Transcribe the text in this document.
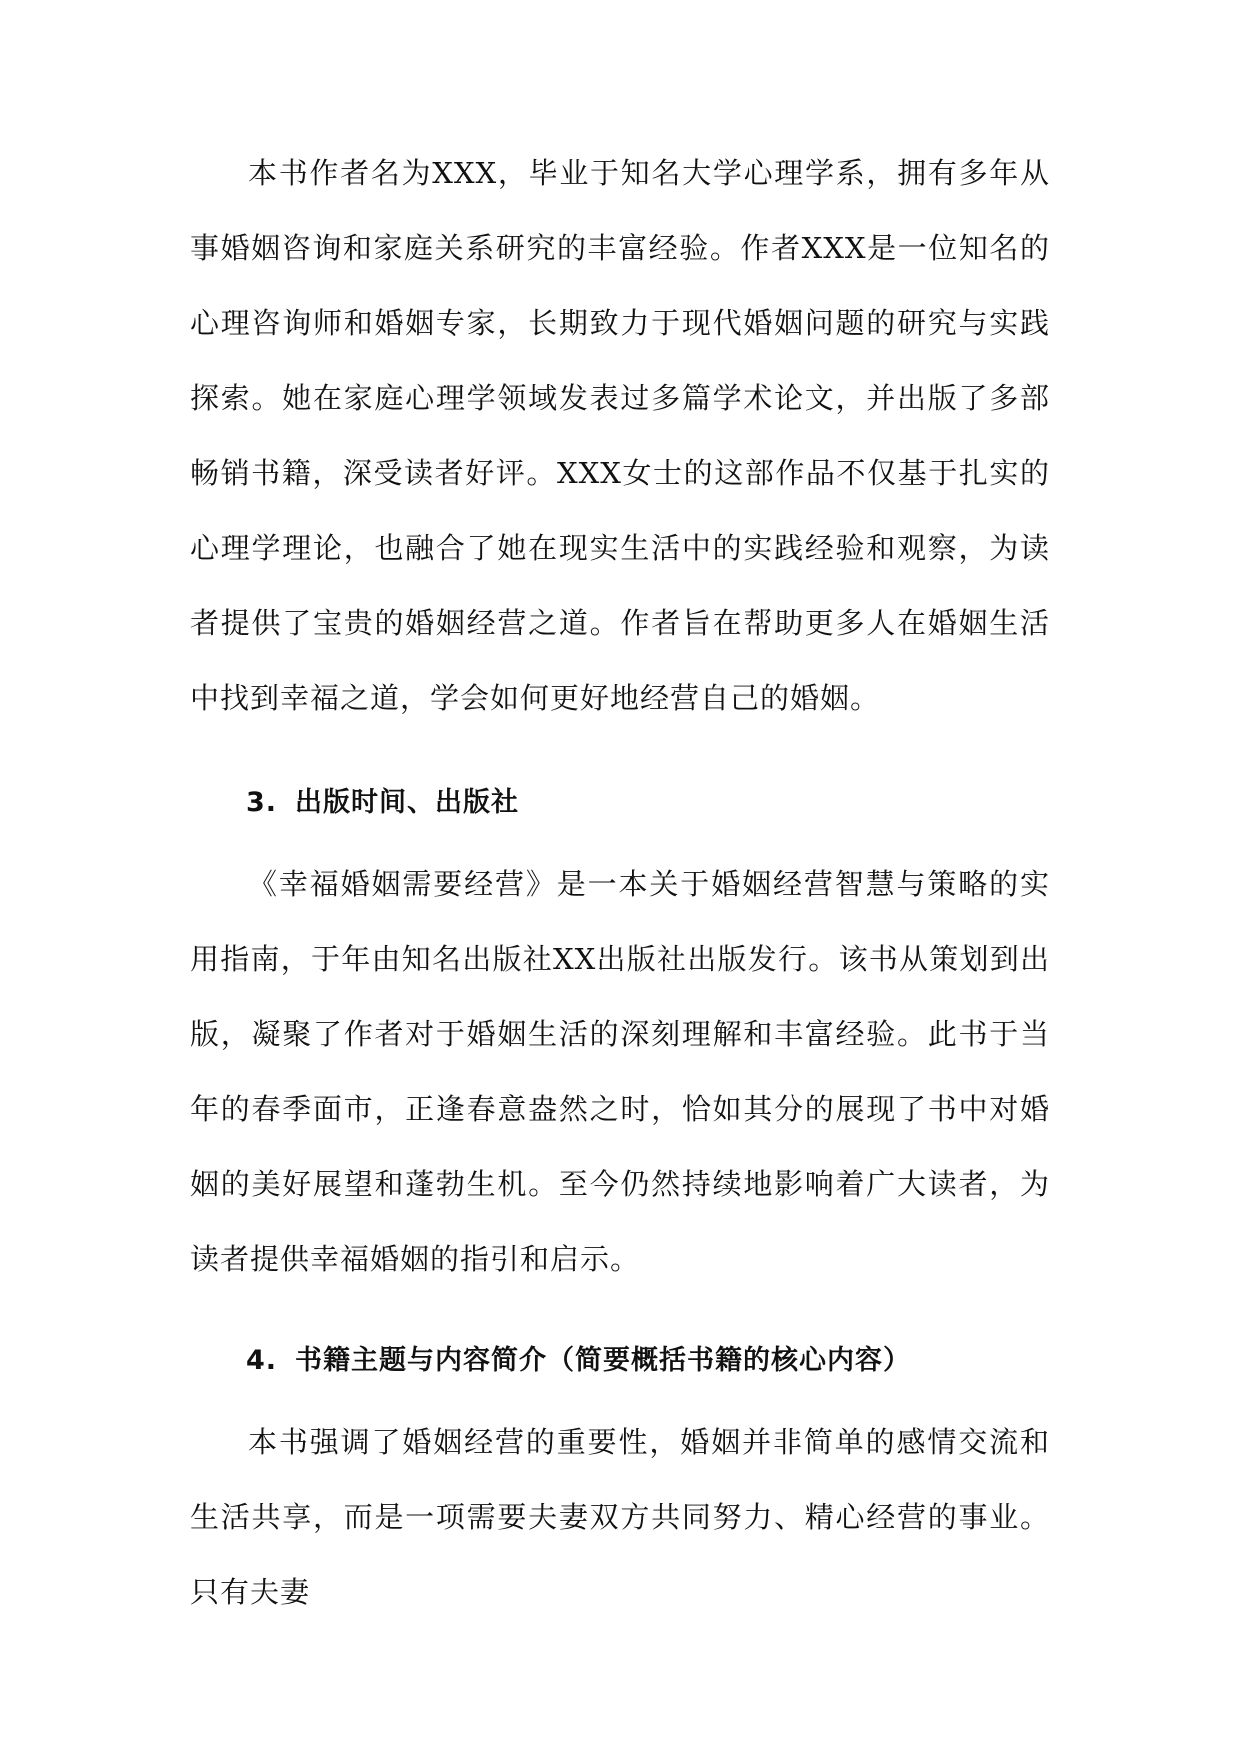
本书作者名为XXX，毕业于知名大学心理学系，拥有多年从事婚姻咨询和家庭关系研究的丰富经验。作者XXX是一位知名的心理咨询师和婚姻专家，长期致力于现代婚姻问题的研究与实践探索。她在家庭心理学领域发表过多篇学术论文，并出版了多部畅销书籍，深受读者好评。XXX女士的这部作品不仅基于扎实的心理学理论，也融合了她在现实生活中的实践经验和观察，为读者提供了宝贵的婚姻经营之道。作者旨在帮助更多人在婚姻生活中找到幸福之道，学会如何更好地经营自己的婚姻。

3. 出版时间、出版社

《幸福婚姻需要经营》是一本关于婚姻经营智慧与策略的实用指南，于年由知名出版社XX出版社出版发行。该书从策划到出版，凝聚了作者对于婚姻生活的深刻理解和丰富经验。此书于当年的春季面市，正逢春意盎然之时，恰如其分的展现了书中对婚姻的美好展望和蓬勃生机。至今仍然持续地影响着广大读者，为读者提供幸福婚姻的指引和启示。

4. 书籍主题与内容简介（简要概括书籍的核心内容）

本书强调了婚姻经营的重要性，婚姻并非简单的感情交流和生活共享，而是一项需要夫妻双方共同努力、精心经营的事业。只有夫妻
